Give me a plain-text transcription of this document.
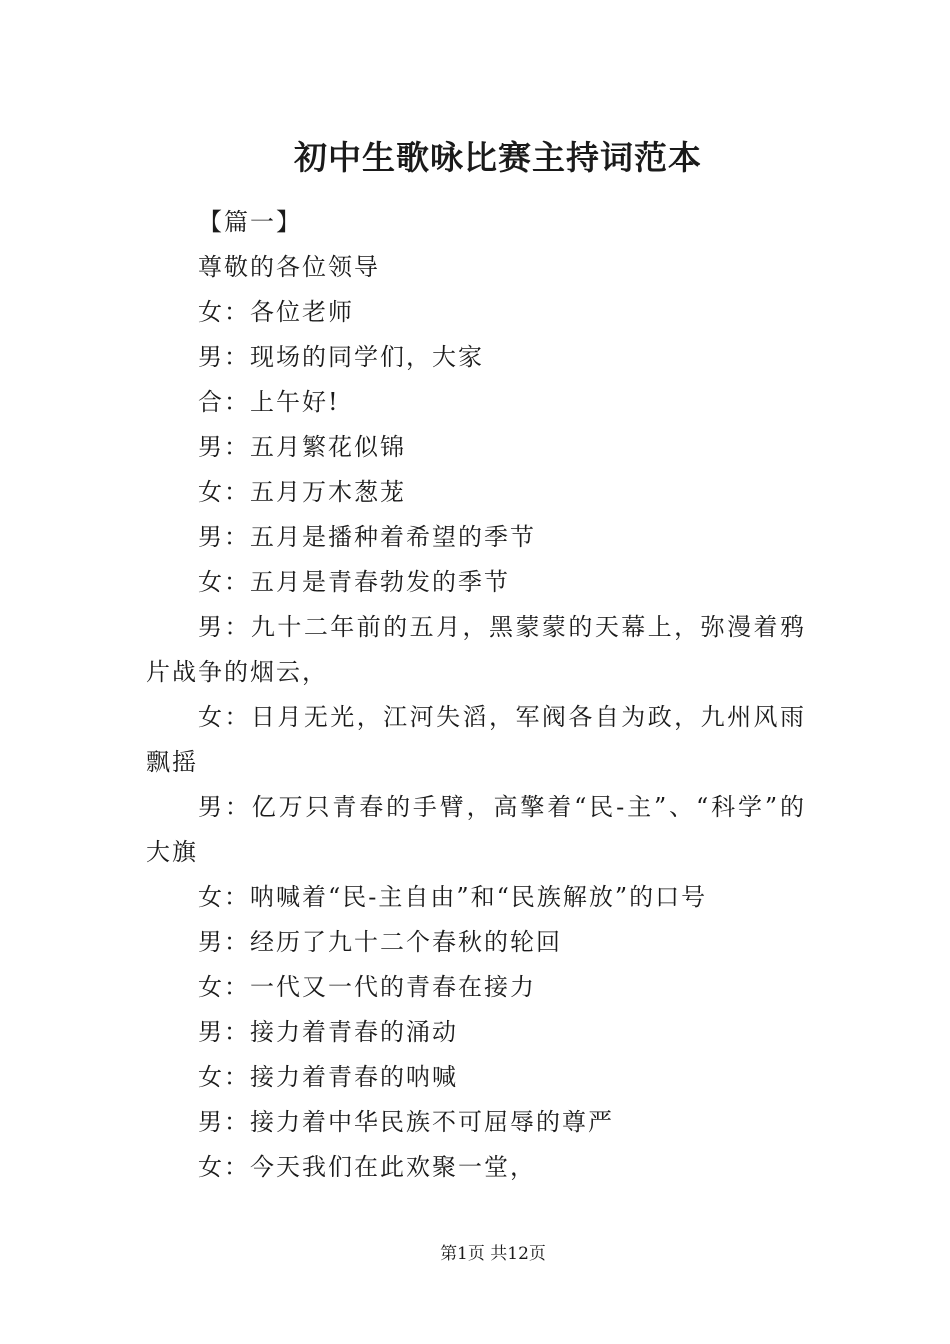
初中生歌咏比赛主持词范本

【篇一】

尊敬的各位领导

女：各位老师

男：现场的同学们，大家

合：上午好!

男：五月繁花似锦

女：五月万木葱茏

男：五月是播种着希望的季节

女：五月是青春勃发的季节

男：九十二年前的五月，黑蒙蒙的天幕上，弥漫着鸦片战争的烟云，

女：日月无光，江河失滔，军阀各自为政，九州风雨飘摇

男：亿万只青春的手臂，高擎着“民-主”、“科学”的大旗

女：呐喊着“民-主自由”和“民族解放”的口号

男：经历了九十二个春秋的轮回

女：一代又一代的青春在接力

男：接力着青春的涌动

女：接力着青春的呐喊

男：接力着中华民族不可屈辱的尊严

女：今天我们在此欢聚一堂，

第1页 共12页
